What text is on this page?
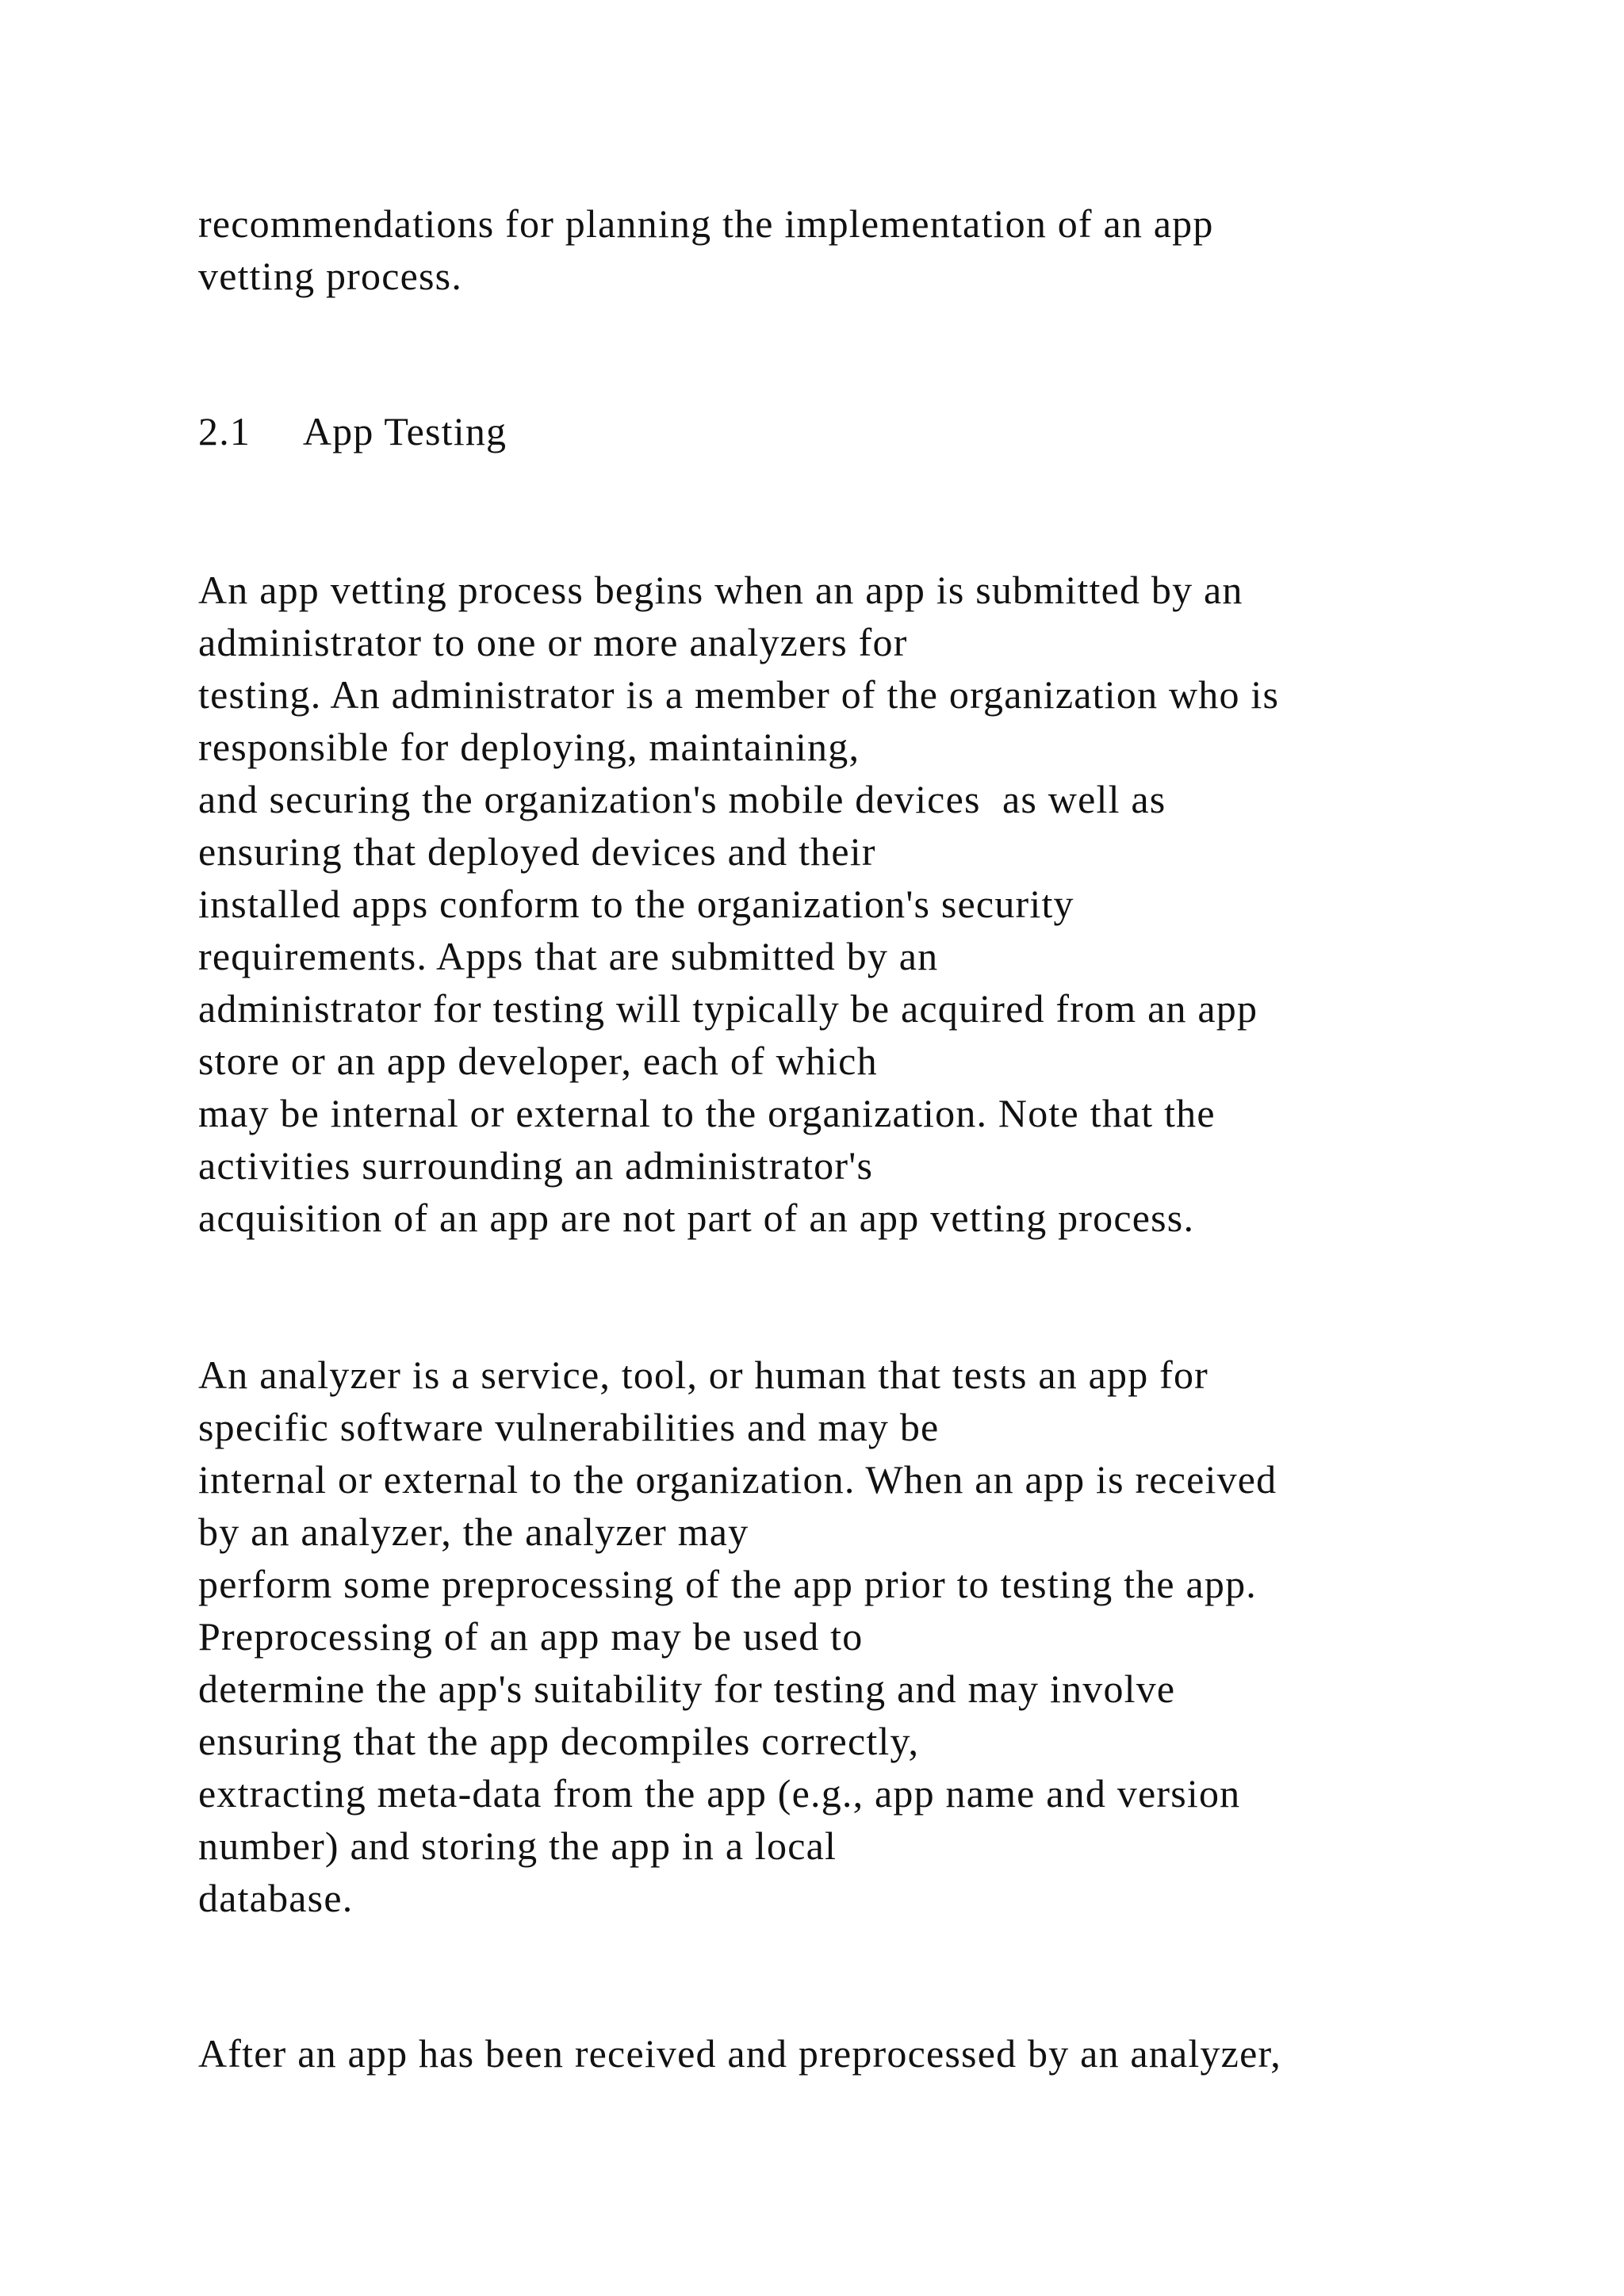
recommendations for planning the implementation of an app

vetting process.

2.1     App Testing

An app vetting process begins when an app is submitted by an

administrator to one or more analyzers for

testing. An administrator is a member of the organization who is

responsible for deploying, maintaining,

and securing the organization's mobile devices  as well as

ensuring that deployed devices and their

installed apps conform to the organization's security

requirements. Apps that are submitted by an

administrator for testing will typically be acquired from an app

store or an app developer, each of which

may be internal or external to the organization. Note that the

activities surrounding an administrator's

acquisition of an app are not part of an app vetting process.

An analyzer is a service, tool, or human that tests an app for

specific software vulnerabilities and may be

internal or external to the organization. When an app is received

by an analyzer, the analyzer may

perform some preprocessing of the app prior to testing the app.

Preprocessing of an app may be used to

determine the app's suitability for testing and may involve

ensuring that the app decompiles correctly,

extracting meta-data from the app (e.g., app name and version

number) and storing the app in a local

database.

After an app has been received and preprocessed by an analyzer,
